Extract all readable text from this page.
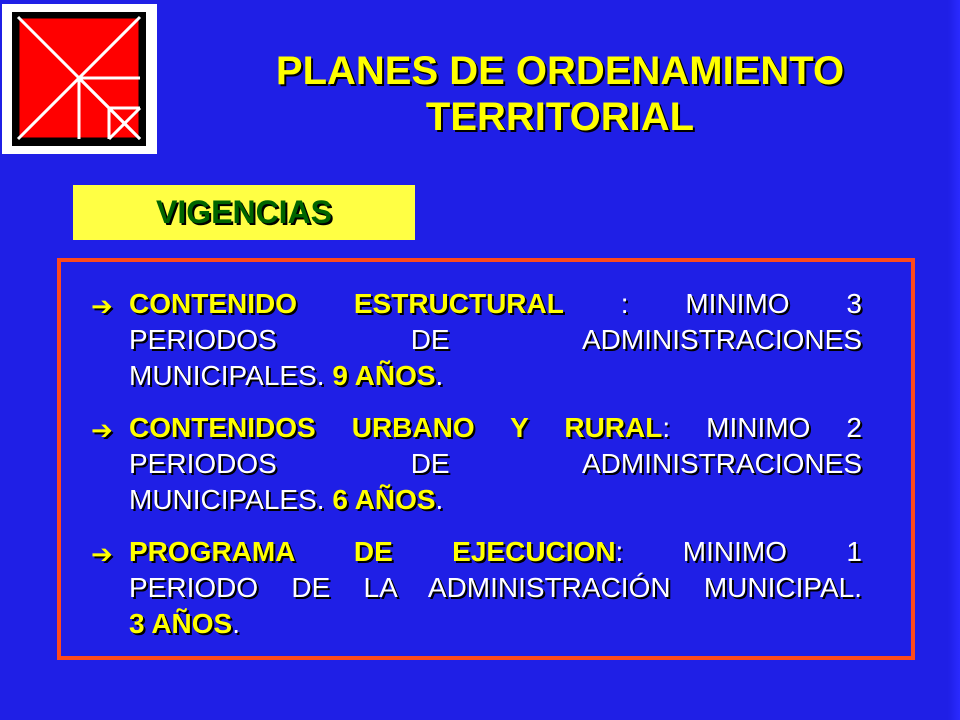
PLANES DE ORDENAMIENTO
TERRITORIAL
VIGENCIAS
➔ CONTENIDO ESTRUCTURAL : MINIMO 3

PERIODOS DE ADMINISTRACIONES

MUNICIPALES. 9 AÑOS.

➔ CONTENIDOS URBANO Y RURAL: MINIMO 2

PERIODOS DE ADMINISTRACIONES

MUNICIPALES. 6 AÑOS.

➔ PROGRAMA DE EJECUCION: MINIMO 1

PERIODO DE LA ADMINISTRACIÓN MUNICIPAL.

3 AÑOS.
